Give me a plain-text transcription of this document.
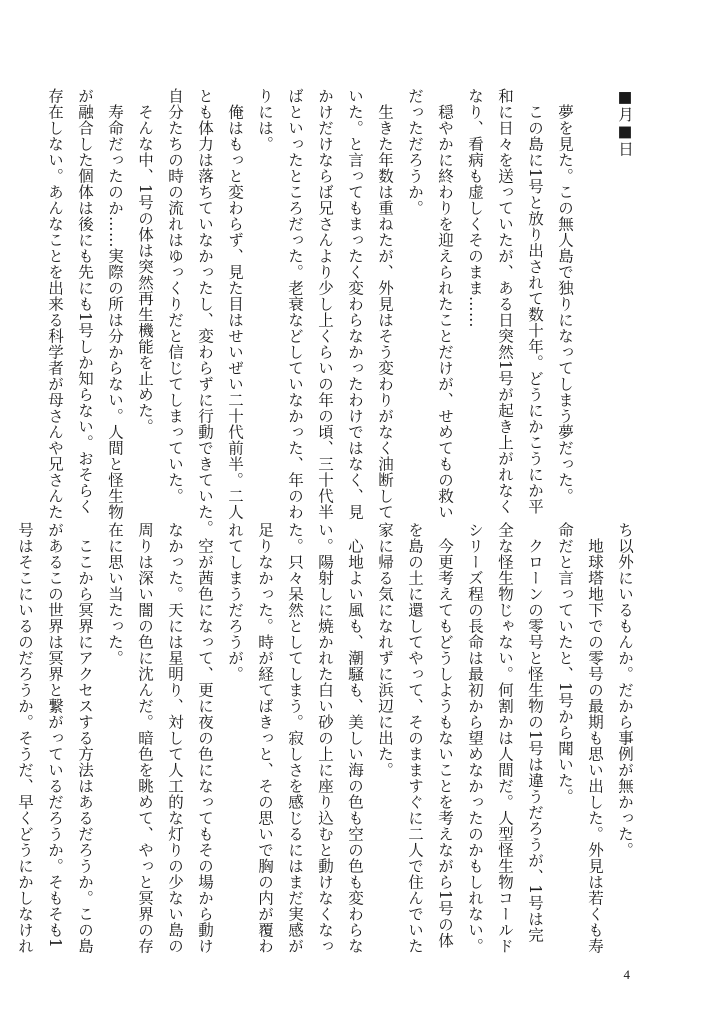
■月■日

　夢を見た。この無人島で独りになってしまう夢だった。
　この島に1号と放り出されて数十年。どうにかこうにか平
和に日々を送っていたが、ある日突然1号が起き上がれなく
なり、看病も虚しくそのまま……
　穏やかに終わりを迎えられたことだけが、せめてもの救い
だっただろうか。
　生きた年数は重ねたが、外見はそう変わりがなく油断して
いた。と言ってもまったく変わらなかったわけではなく、見
かけだけならば兄さんより少し上くらいの年の頃、三十代半
ばといったところだった。老衰などしていなかった、年のわ
りには。
　俺はもっと変わらず、見た目はせいぜい二十代前半。二人
とも体力は落ちていなかったし、変わらずに行動できていた。
自分たちの時の流れはゆっくりだと信じてしまっていた。
　そんな中、1号の体は突然再生機能を止めた。
　寿命だったのか……実際の所は分からない。人間と怪生物
が融合した個体は後にも先にも1号しか知らない。おそらく
存在しない。あんなことを出来る科学者が母さんや兄さんた
ち以外にいるもんか。だから事例が無かった。
　地球塔地下での零号の最期も思い出した。外見は若くも寿
命だと言っていたと、1号から聞いた。
　クローンの零号と怪生物の1号は違うだろうが、1号は完
全な怪生物じゃない。何割かは人間だ。人型怪生物コールド
シリーズ程の長命は最初から望めなかったのかもしれない。
　今更考えてもどうしようもないことを考えながら1号の体
を島の土に還してやって、そのまますぐに二人で住んでいた
家に帰る気になれずに浜辺に出た。
　心地よい風も、潮騒も、美しい海の色も空の色も変わらな
い。陽射しに焼かれた白い砂の上に座り込むと動けなくなっ
た。只々呆然としてしまう。寂しさを感じるにはまだ実感が
足りなかった。時が経てばきっと、その思いで胸の内が覆わ
れてしまうだろうが。
　空が茜色になって、更に夜の色になってもその場から動け
なかった。天には星明り、対して人工的な灯りの少ない島の
周りは深い闇の色に沈んだ。暗色を眺めて、やっと冥界の存
在に思い当たった。
　ここから冥界にアクセスする方法はあるだろうか。この島
があるこの世界は冥界と繋がっているだろうか。そもそも1
号はそこにいるのだろうか。そうだ、早くどうにかしなけれ
4
